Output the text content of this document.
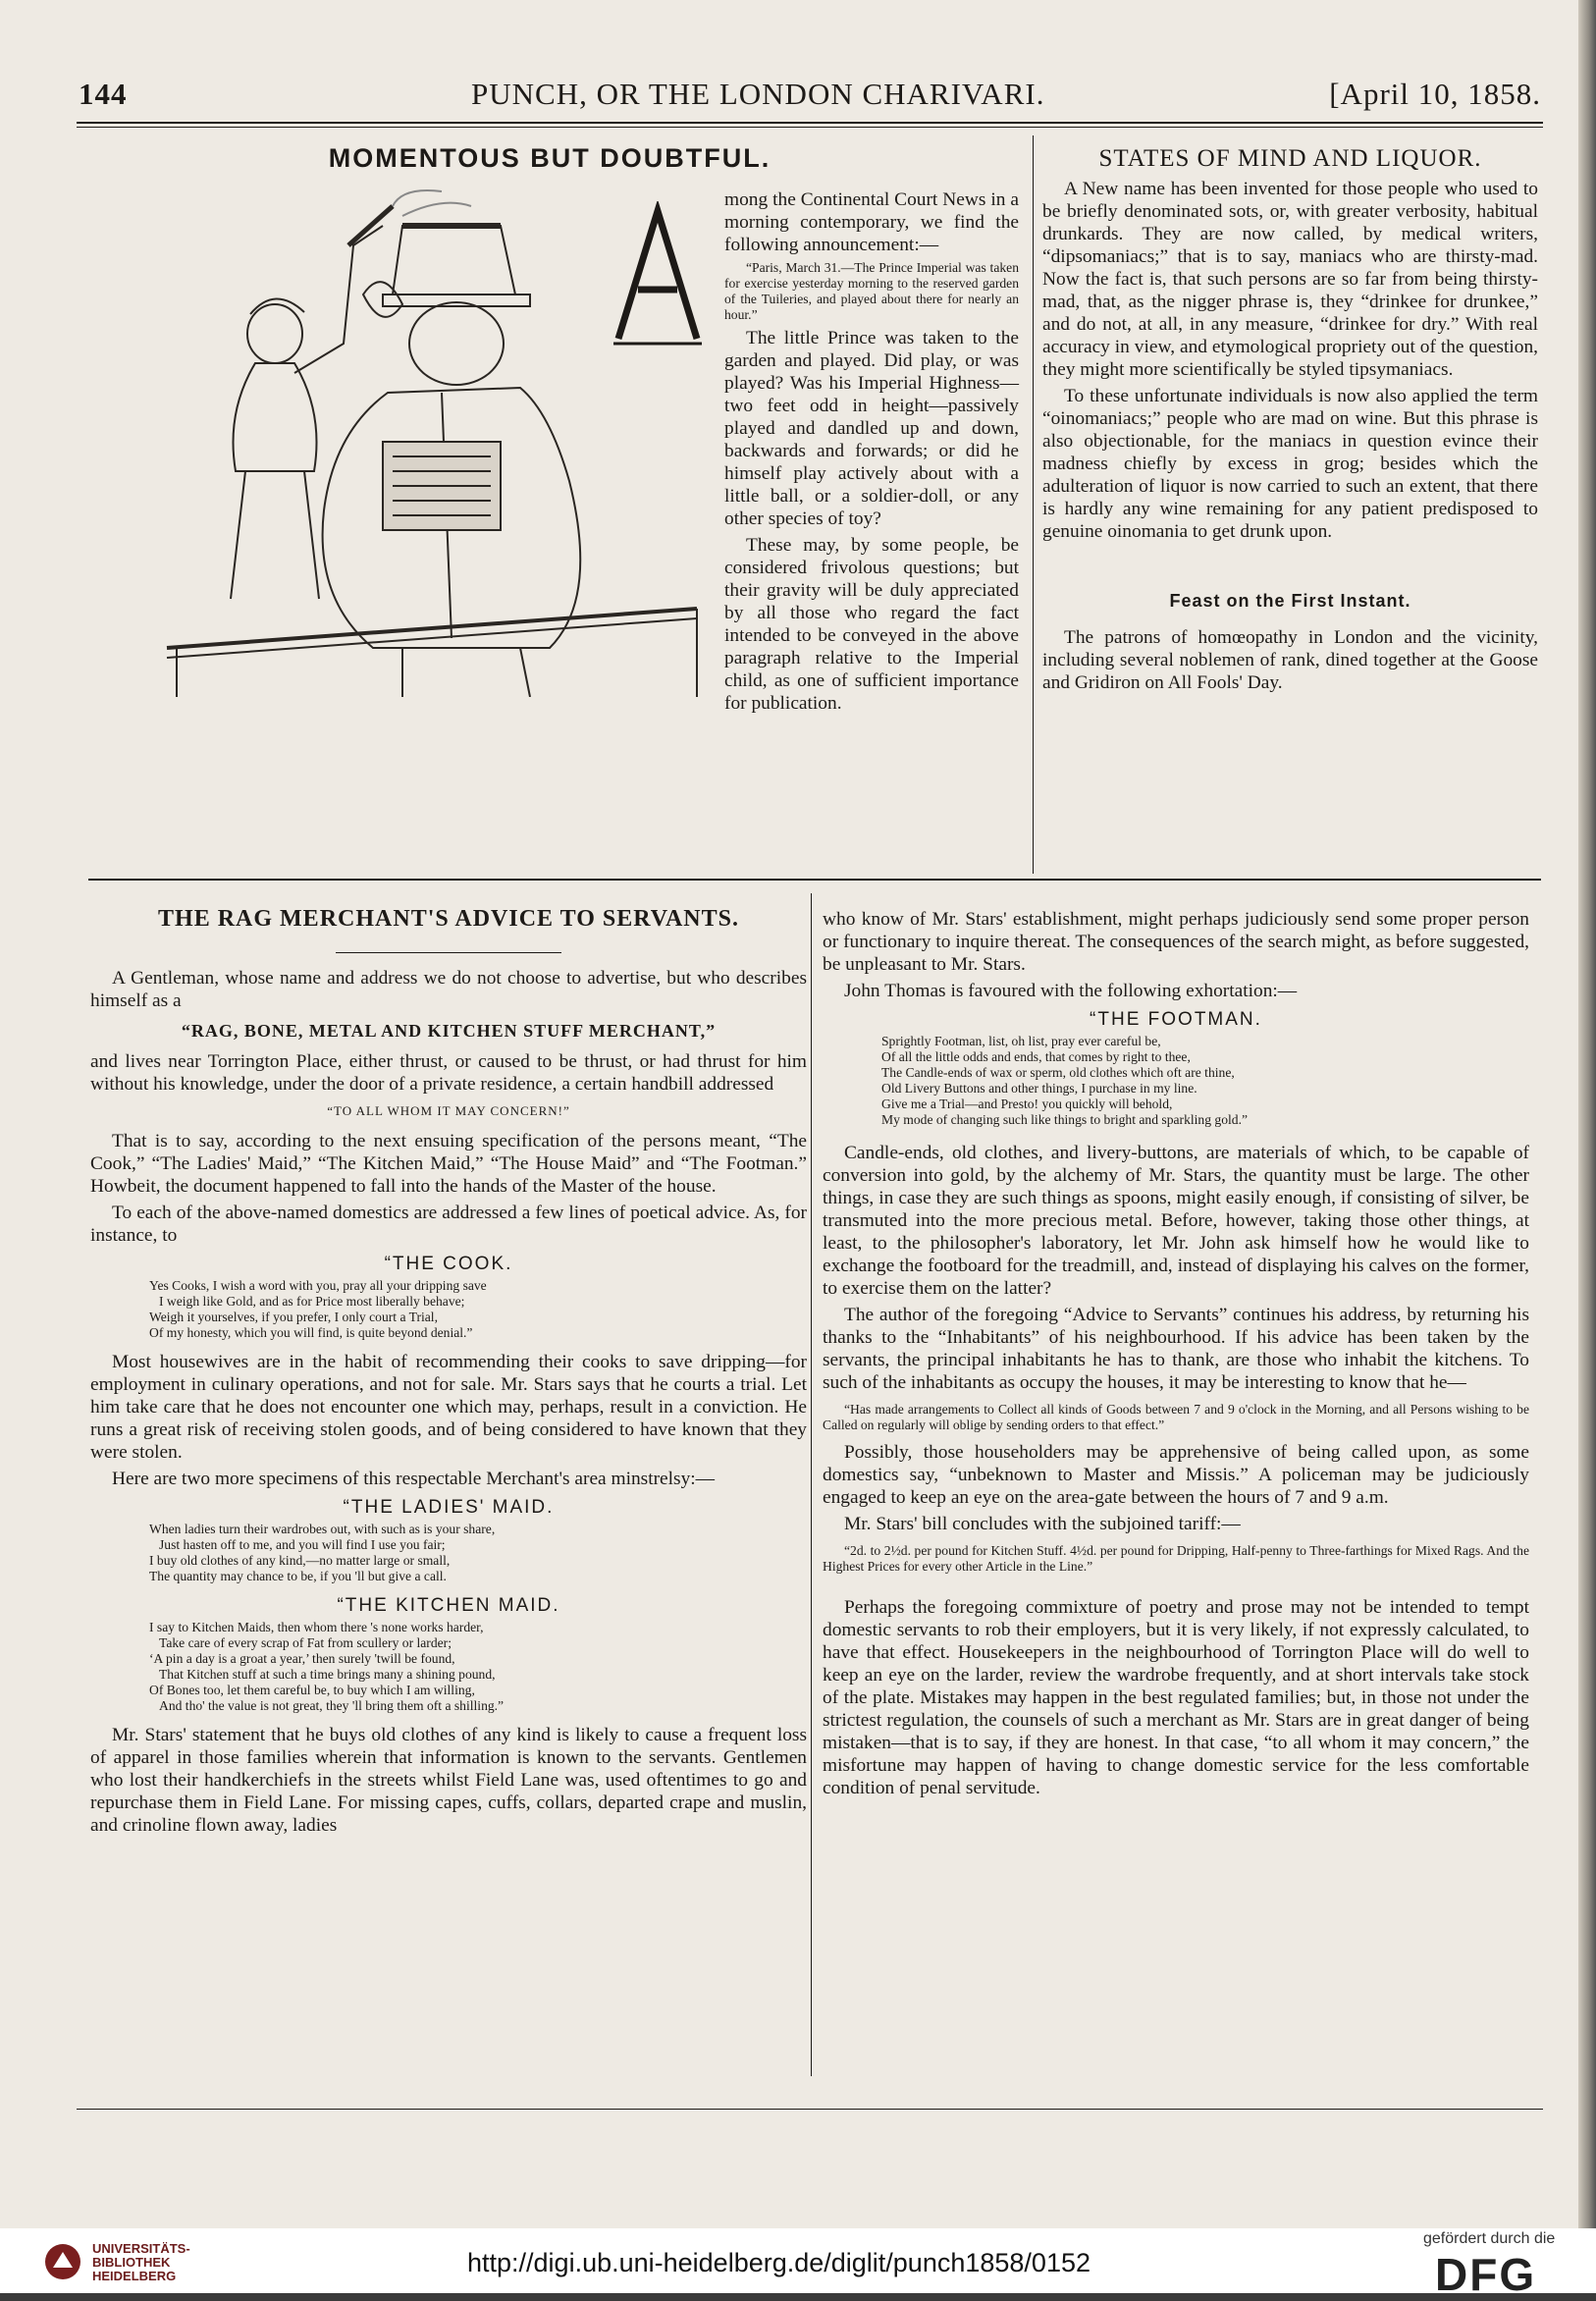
144	PUNCH, OR THE LONDON CHARIVARI.	[April 10, 1858.
MOMENTOUS BUT DOUBTFUL.

mong the Continental Court News in a morning contemporary, we find the following announcement:—

“Paris, March 31.—The Prince Imperial was taken for exercise yesterday morning to the reserved garden of the Tuileries, and played about there for nearly an hour.”

The little Prince was taken to the garden and played. Did play, or was played? Was his Imperial Highness—two feet odd in height—passively played and dandled up and down, backwards and forwards; or did he himself play actively about with a little ball, or a soldier-doll, or any other species of toy?

These may, by some people, be considered frivolous questions; but their gravity will be duly appreciated by all those who regard the fact intended to be conveyed in the above paragraph relative to the Imperial child, as one of sufficient importance for publication.

STATES OF MIND AND LIQUOR.

A New name has been invented for those people who used to be briefly denominated sots, or, with greater verbosity, habitual drunkards. They are now called, by medical writers, “dipsomaniacs;” that is to say, maniacs who are thirsty-mad. Now the fact is, that such persons are so far from being thirsty-mad, that, as the nigger phrase is, they “drinkee for drunkee,” and do not, at all, in any measure, “drinkee for dry.” With real accuracy in view, and etymological propriety out of the question, they might more scientifically be styled tipsymaniacs.

To these unfortunate individuals is now also applied the term “oinomaniacs;” people who are mad on wine. But this phrase is also objectionable, for the maniacs in question evince their madness chiefly by excess in grog; besides which the adulteration of liquor is now carried to such an extent, that there is hardly any wine remaining for any patient predisposed to genuine oinomania to get drunk upon.

Feast on the First Instant.

The patrons of homœopathy in London and the vicinity, including several noblemen of rank, dined together at the Goose and Gridiron on All Fools' Day.

THE RAG MERCHANT'S ADVICE TO SERVANTS.

A Gentleman, whose name and address we do not choose to advertise, but who describes himself as a

“RAG, BONE, METAL AND KITCHEN STUFF MERCHANT,”

and lives near Torrington Place, either thrust, or caused to be thrust, or had thrust for him without his knowledge, under the door of a private residence, a certain handbill addressed

“TO ALL WHOM IT MAY CONCERN!”

That is to say, according to the next ensuing specification of the persons meant, “The Cook,” “The Ladies' Maid,” “The Kitchen Maid,” “The House Maid” and “The Footman.” Howbeit, the document happened to fall into the hands of the Master of the house.

To each of the above-named domestics are addressed a few lines of poetical advice. As, for instance, to

“THE COOK.
Yes Cooks, I wish a word with you, pray all your dripping save
I weigh like Gold, and as for Price most liberally behave;
Weigh it yourselves, if you prefer, I only court a Trial,
Of my honesty, which you will find, is quite beyond denial.”

Most housewives are in the habit of recommending their cooks to save dripping—for employment in culinary operations, and not for sale. Mr. Stars says that he courts a trial. Let him take care that he does not encounter one which may, perhaps, result in a conviction. He runs a great risk of receiving stolen goods, and of being considered to have known that they were stolen.

Here are two more specimens of this respectable Merchant's area minstrelsy:—

“THE LADIES' MAID.
When ladies turn their wardrobes out, with such as is your share,
Just hasten off to me, and you will find I use you fair;
I buy old clothes of any kind,—no matter large or small,
The quantity may chance to be, if you 'll but give a call.
“THE KITCHEN MAID.
I say to Kitchen Maids, then whom there 's none works harder,
Take care of every scrap of Fat from scullery or larder;
‘A pin a day is a groat a year,’ then surely 'twill be found,
That Kitchen stuff at such a time brings many a shining pound,
Of Bones too, let them careful be, to buy which I am willing,
And tho' the value is not great, they 'll bring them oft a shilling.”

Mr. Stars' statement that he buys old clothes of any kind is likely to cause a frequent loss of apparel in those families wherein that information is known to the servants. Gentlemen who lost their handkerchiefs in the streets whilst Field Lane was, used oftentimes to go and repurchase them in Field Lane. For missing capes, cuffs, collars, departed crape and muslin, and crinoline flown away, ladies

who know of Mr. Stars' establishment, might perhaps judiciously send some proper person or functionary to inquire thereat. The consequences of the search might, as before suggested, be unpleasant to Mr. Stars.

John Thomas is favoured with the following exhortation:—

“THE FOOTMAN.
Sprightly Footman, list, oh list, pray ever careful be,
Of all the little odds and ends, that comes by right to thee,
The Candle-ends of wax or sperm, old clothes which oft are thine,
Old Livery Buttons and other things, I purchase in my line.
Give me a Trial—and Presto! you quickly will behold,
My mode of changing such like things to bright and sparkling gold.”

Candle-ends, old clothes, and livery-buttons, are materials of which, to be capable of conversion into gold, by the alchemy of Mr. Stars, the quantity must be large. The other things, in case they are such things as spoons, might easily enough, if consisting of silver, be transmuted into the more precious metal. Before, however, taking those other things, at least, to the philosopher's laboratory, let Mr. John ask himself how he would like to exchange the footboard for the treadmill, and, instead of displaying his calves on the former, to exercise them on the latter?

The author of the foregoing “Advice to Servants” continues his address, by returning his thanks to the “Inhabitants” of his neighbourhood. If his advice has been taken by the servants, the principal inhabitants he has to thank, are those who inhabit the kitchens. To such of the inhabitants as occupy the houses, it may be interesting to know that he—

“Has made arrangements to Collect all kinds of Goods between 7 and 9 o'clock in the Morning, and all Persons wishing to be Called on regularly will oblige by sending orders to that effect.”

Possibly, those householders may be apprehensive of being called upon, as some domestics say, “unbeknown to Master and Missis.” A policeman may be judiciously engaged to keep an eye on the area-gate between the hours of 7 and 9 a.m.

Mr. Stars' bill concludes with the subjoined tariff:—

“2d. to 2½d. per pound for Kitchen Stuff. 4½d. per pound for Dripping, Half-penny to Three-farthings for Mixed Rags. And the Highest Prices for every other Article in the Line.”

Perhaps the foregoing commixture of poetry and prose may not be intended to tempt domestic servants to rob their employers, but it is very likely, if not expressly calculated, to have that effect. Housekeepers in the neighbourhood of Torrington Place will do well to keep an eye on the larder, review the wardrobe frequently, and at short intervals take stock of the plate. Mistakes may happen in the best regulated families; but, in those not under the strictest regulation, the counsels of such a merchant as Mr. Stars are in great danger of being mistaken—that is to say, if they are honest. In that case, “to all whom it may concern,” the misfortune may happen of having to change domestic service for the less comfortable condition of penal servitude.

UNIVERSITÄTS-
BIBLIOTHEK
HEIDELBERG	http://digi.ub.uni-heidelberg.de/diglit/punch1858/0152
gefördert durch die
DFG
